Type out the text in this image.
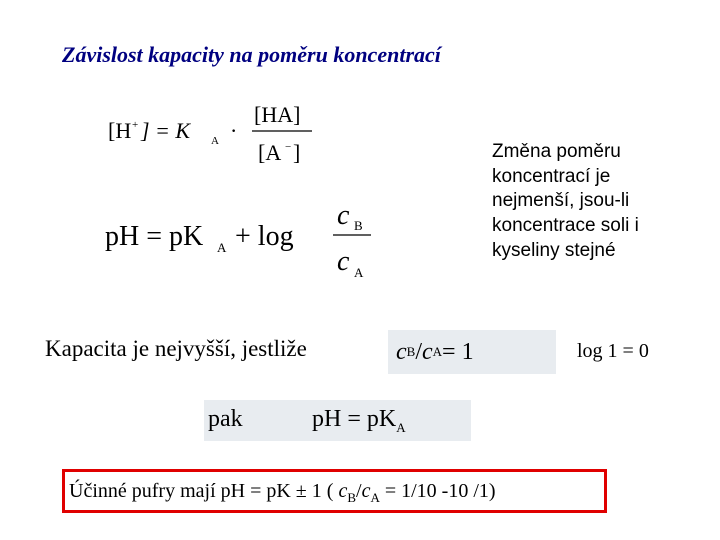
Závislost kapacity na poměru koncentrací
[H + ] = K A ·
[HA]
[A − ]
pH = pK A + log
c B
c A
Změna poměru koncentrací je nejmenší, jsou-li koncentrace soli i kyseliny stejné
Kapacita je nejvyšší, jestliže	c B / c A = 1	log 1 = 0
pak	pH = $pK_A$
Účinné pufry mají pH = pK ± 1 ( $c_B/c_A = 1/10$ -10 /1)
